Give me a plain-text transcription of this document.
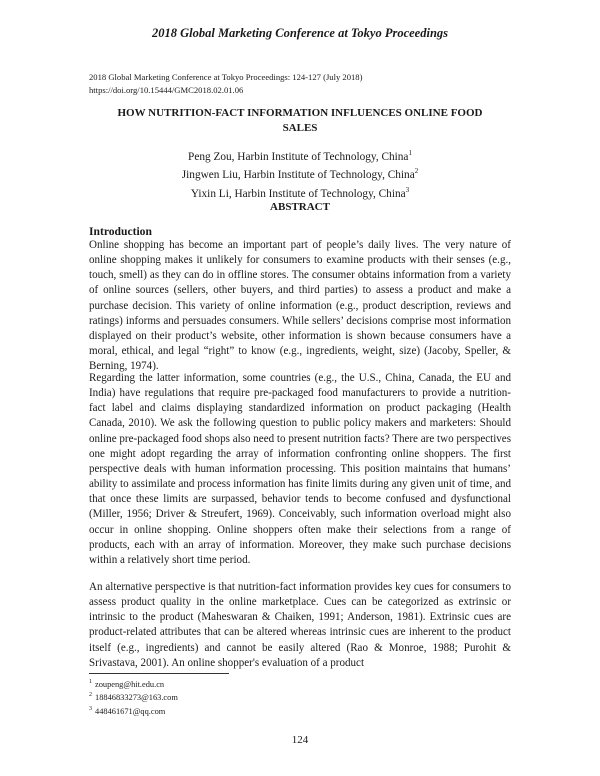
2018 Global Marketing Conference at Tokyo Proceedings
2018 Global Marketing Conference at Tokyo Proceedings: 124-127 (July 2018)
https://doi.org/10.15444/GMC2018.02.01.06
HOW NUTRITION-FACT INFORMATION INFLUENCES ONLINE FOOD
SALES
Peng Zou, Harbin Institute of Technology, China$^1$
Jingwen Liu, Harbin Institute of Technology, China$^2$
Yixin Li, Harbin Institute of Technology, China$^3$
ABSTRACT
Introduction

Online shopping has become an important part of people’s daily lives. The very nature of online shopping makes it unlikely for consumers to examine products with their senses (e.g., touch, smell) as they can do in offline stores. The consumer obtains information from a variety of online sources (sellers, other buyers, and third parties) to assess a product and make a purchase decision. This variety of online information (e.g., product description, reviews and ratings) informs and persuades consumers. While sellers’ decisions comprise most information displayed on their product’s website, other information is shown because consumers have a moral, ethical, and legal “right” to know (e.g., ingredients, weight, size) (Jacoby, Speller, & Berning, 1974).

Regarding the latter information, some countries (e.g., the U.S., China, Canada, the EU and India) have regulations that require pre-packaged food manufacturers to provide a nutrition-fact label and claims displaying standardized information on product packaging (Health Canada, 2010). We ask the following question to public policy makers and marketers: Should online pre-packaged food shops also need to present nutrition facts? There are two perspectives one might adopt regarding the array of information confronting online shoppers. The first perspective deals with human information processing. This position maintains that humans’ ability to assimilate and process information has finite limits during any given unit of time, and that once these limits are surpassed, behavior tends to become confused and dysfunctional (Miller, 1956; Driver & Streufert, 1969). Conceivably, such information overload might also occur in online shopping. Online shoppers often make their selections from a range of products, each with an array of information. Moreover, they make such purchase decisions within a relatively short time period.

An alternative perspective is that nutrition-fact information provides key cues for consumers to assess product quality in the online marketplace. Cues can be categorized as extrinsic or intrinsic to the product (Maheswaran & Chaiken, 1991; Anderson, 1981). Extrinsic cues are product-related attributes that can be altered whereas intrinsic cues are inherent to the product itself (e.g., ingredients) and cannot be easily altered (Rao & Monroe, 1988; Purohit & Srivastava, 2001). An online shopper's evaluation of a product

$^1$ zoupeng@hit.edu.cn
$^2$ 18846833273@163.com
$^3$ 448461671@qq.com
124
